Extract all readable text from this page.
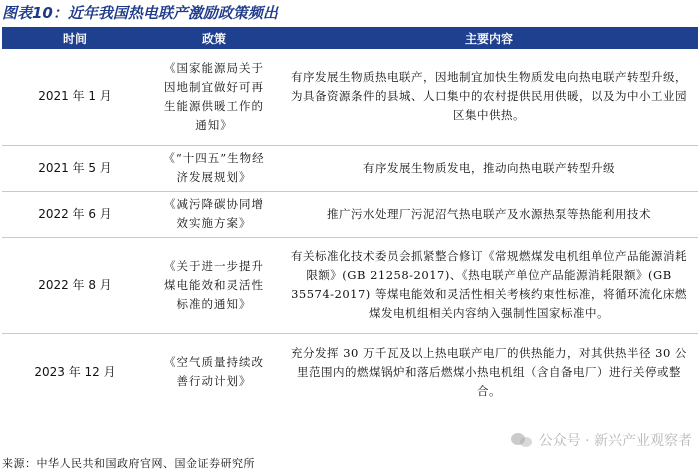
图表10：近年我国热电联产激励政策频出
时间	政策	主要内容
2021 年 1 月	《国家能源局关于因地制宜做好可再生能源供暖工作的通知》	有序发展生物质热电联产，因地制宜加快生物质发电向热电联产转型升级，为具备资源条件的县城、人口集中的农村提供民用供暖，以及为中小工业园区集中供热。
2021 年 5 月	《“十四五”生物经济发展规划》	有序发展生物质发电，推动向热电联产转型升级
2022 年 6 月	《减污降碳协同增效实施方案》	推广污水处理厂污泥沼气热电联产及水源热泵等热能利用技术
2022 年 8 月	《关于进一步提升煤电能效和灵活性标准的通知》	有关标准化技术委员会抓紧整合修订《常规燃煤发电机组单位产品能源消耗限额》(GB 21258-2017)、《热电联产单位产品能源消耗限额》(GB 35574-2017) 等煤电能效和灵活性相关考核约束性标准，将循环流化床燃煤发电机组相关内容纳入强制性国家标准中。
2023 年 12 月	《空气质量持续改善行动计划》	充分发挥 30 万千瓦及以上热电联产电厂的供热能力，对其供热半径 30 公里范围内的燃煤锅炉和落后燃煤小热电机组（含自备电厂）进行关停或整合。
公众号 · 新兴产业观察者
来源：中华人民共和国政府官网、国金证券研究所
